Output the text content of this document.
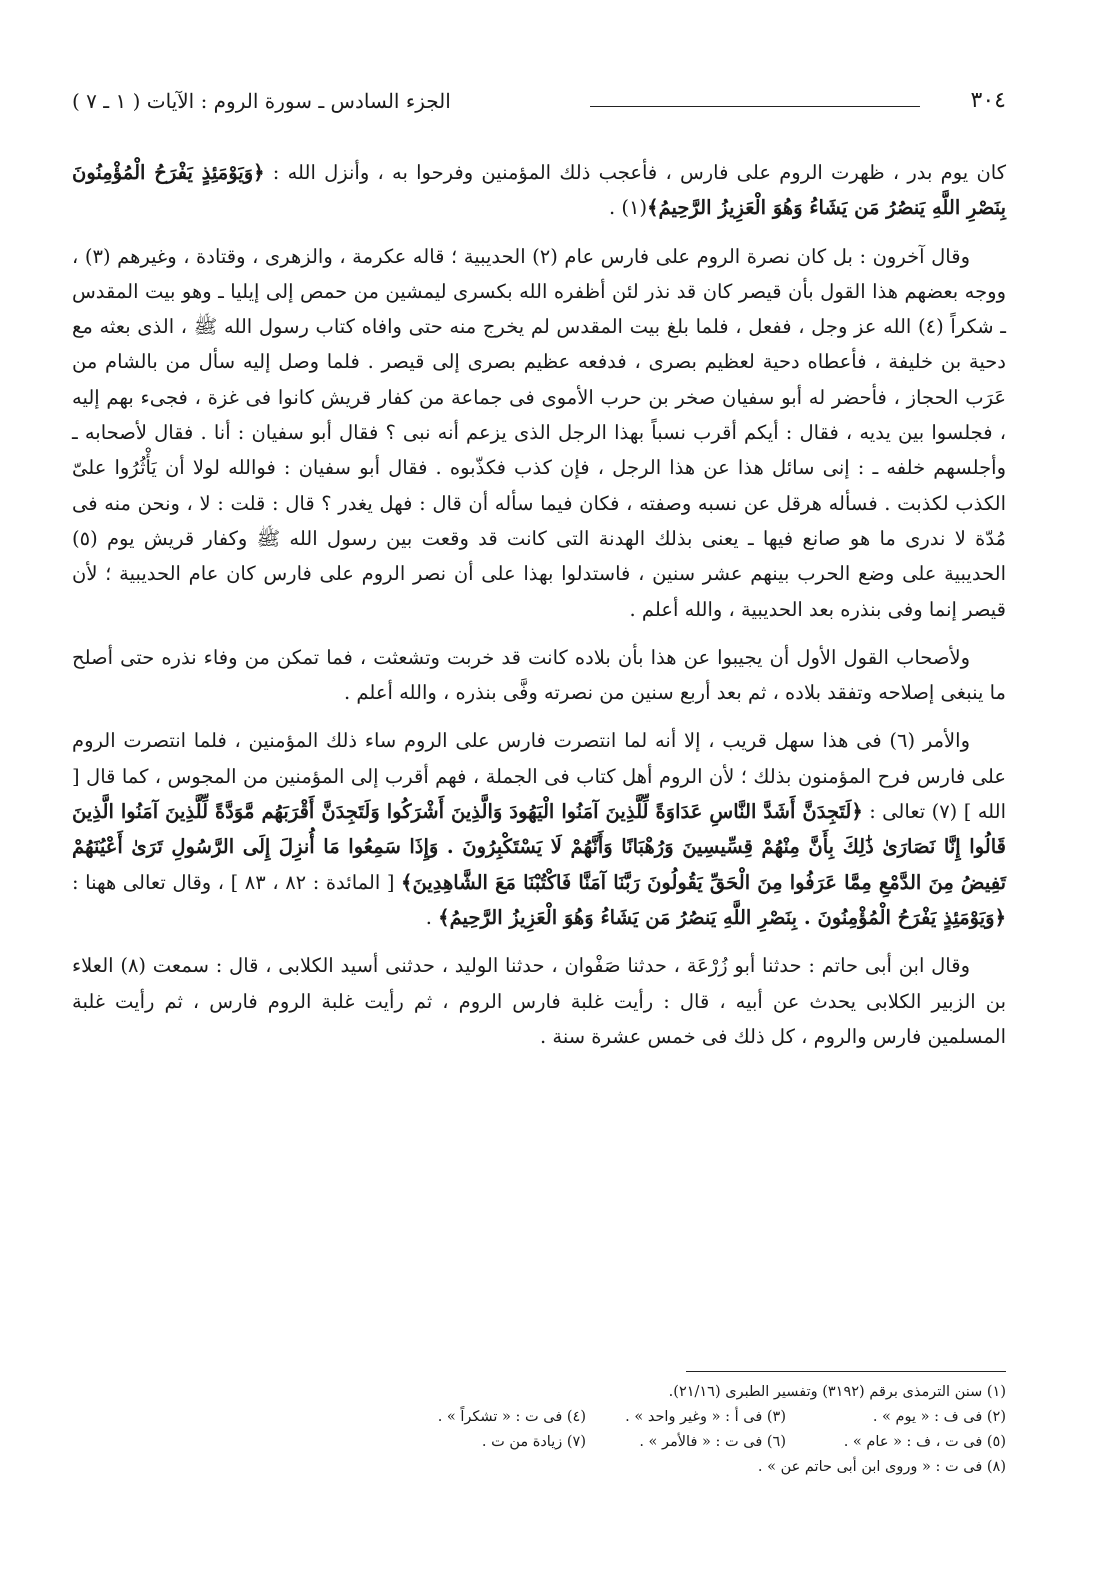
٣٠٤
الجزء السادس ـ سورة الروم : الآيات ( ١ ـ ٧ )

كان يوم بدر ، ظهرت الروم على فارس ، فأعجب ذلك المؤمنين وفرحوا به ، وأنزل الله : ﴿وَيَوْمَئِذٍ يَفْرَحُ الْمُؤْمِنُونَ بِنَصْرِ اللَّهِ يَنصُرُ مَن يَشَاءُ وَهُوَ الْعَزِيزُ الرَّحِيمُ﴾(١) .

وقال آخرون : بل كان نصرة الروم على فارس عام (٢) الحديبية ؛ قاله عكرمة ، والزهرى ، وقتادة ، وغيرهم (٣) ، ووجه بعضهم هذا القول بأن قيصر كان قد نذر لئن أظفره الله بكسرى ليمشين من حمص إلى إيليا ـ وهو بيت المقدس ـ شكراً (٤) الله عز وجل ، ففعل ، فلما بلغ بيت المقدس لم يخرج منه حتى وافاه كتاب رسول الله ﷺ ، الذى بعثه مع دحية بن خليفة ، فأعطاه دحية لعظيم بصرى ، فدفعه عظيم بصرى إلى قيصر . فلما وصل إليه سأل من بالشام من عَرَب الحجاز ، فأحضر له أبو سفيان صخر بن حرب الأموى فى جماعة من كفار قريش كانوا فى غزة ، فجىء بهم إليه ، فجلسوا بين يديه ، فقال : أيكم أقرب نسباً بهذا الرجل الذى يزعم أنه نبى ؟ فقال أبو سفيان : أنا . فقال لأصحابه ـ وأجلسهم خلفه ـ : إنى سائل هذا عن هذا الرجل ، فإن كذب فكذّبوه . فقال أبو سفيان : فوالله لولا أن يَأْثُرُوا علىّ الكذب لكذبت . فسأله هرقل عن نسبه وصفته ، فكان فيما سأله أن قال : فهل يغدر ؟ قال : قلت : لا ، ونحن منه فى مُدّة لا ندرى ما هو صانع فيها ـ يعنى بذلك الهدنة التى كانت قد وقعت بين رسول الله ﷺ وكفار قريش يوم (٥) الحديبية على وضع الحرب بينهم عشر سنين ، فاستدلوا بهذا على أن نصر الروم على فارس كان عام الحديبية ؛ لأن قيصر إنما وفى بنذره بعد الحديبية ، والله أعلم .

ولأصحاب القول الأول أن يجيبوا عن هذا بأن بلاده كانت قد خربت وتشعثت ، فما تمكن من وفاء نذره حتى أصلح ما ينبغى إصلاحه وتفقد بلاده ، ثم بعد أربع سنين من نصرته وفَّى بنذره ، والله أعلم .

والأمر (٦) فى هذا سهل قريب ، إلا أنه لما انتصرت فارس على الروم ساء ذلك المؤمنين ، فلما انتصرت الروم على فارس فرح المؤمنون بذلك ؛ لأن الروم أهل كتاب فى الجملة ، فهم أقرب إلى المؤمنين من المجوس ، كما قال [ الله ] (٧) تعالى : ﴿لَتَجِدَنَّ أَشَدَّ النَّاسِ عَدَاوَةً لِّلَّذِينَ آمَنُوا الْيَهُودَ وَالَّذِينَ أَشْرَكُوا وَلَتَجِدَنَّ أَقْرَبَهُم مَّوَدَّةً لِّلَّذِينَ آمَنُوا الَّذِينَ قَالُوا إِنَّا نَصَارَىٰ ذَٰلِكَ بِأَنَّ مِنْهُمْ قِسِّيسِينَ وَرُهْبَانًا وَأَنَّهُمْ لَا يَسْتَكْبِرُونَ . وَإِذَا سَمِعُوا مَا أُنزِلَ إِلَى الرَّسُولِ تَرَىٰ أَعْيُنَهُمْ تَفِيضُ مِنَ الدَّمْعِ مِمَّا عَرَفُوا مِنَ الْحَقِّ يَقُولُونَ رَبَّنَا آمَنَّا فَاكْتُبْنَا مَعَ الشَّاهِدِينَ﴾ [ المائدة : ٨٢ ، ٨٣ ] ، وقال تعالى ههنا : ﴿وَيَوْمَئِذٍ يَفْرَحُ الْمُؤْمِنُونَ . بِنَصْرِ اللَّهِ يَنصُرُ مَن يَشَاءُ وَهُوَ الْعَزِيزُ الرَّحِيمُ﴾ .

وقال ابن أبى حاتم : حدثنا أبو زُرْعَة ، حدثنا صَفْوان ، حدثنا الوليد ، حدثنى أسيد الكلابى ، قال : سمعت (٨) العلاء بن الزبير الكلابى يحدث عن أبيه ، قال : رأيت غلبة فارس الروم ، ثم رأيت غلبة الروم فارس ، ثم رأيت غلبة المسلمين فارس والروم ، كل ذلك فى خمس عشرة سنة .

(١) سنن الترمذى برقم (٣١٩٢) وتفسير الطبرى (٢١/١٦).
(٢) فى ف : « يوم » .
(٣) فى أ : « وغير واحد » .
(٤) فى ت : « تشكراً » .
(٥) فى ت ، ف : « عام » .
(٦) فى ت : « فالأمر » .
(٧) زيادة من ت .
(٨) فى ت : « وروى ابن أبى حاتم عن » .
